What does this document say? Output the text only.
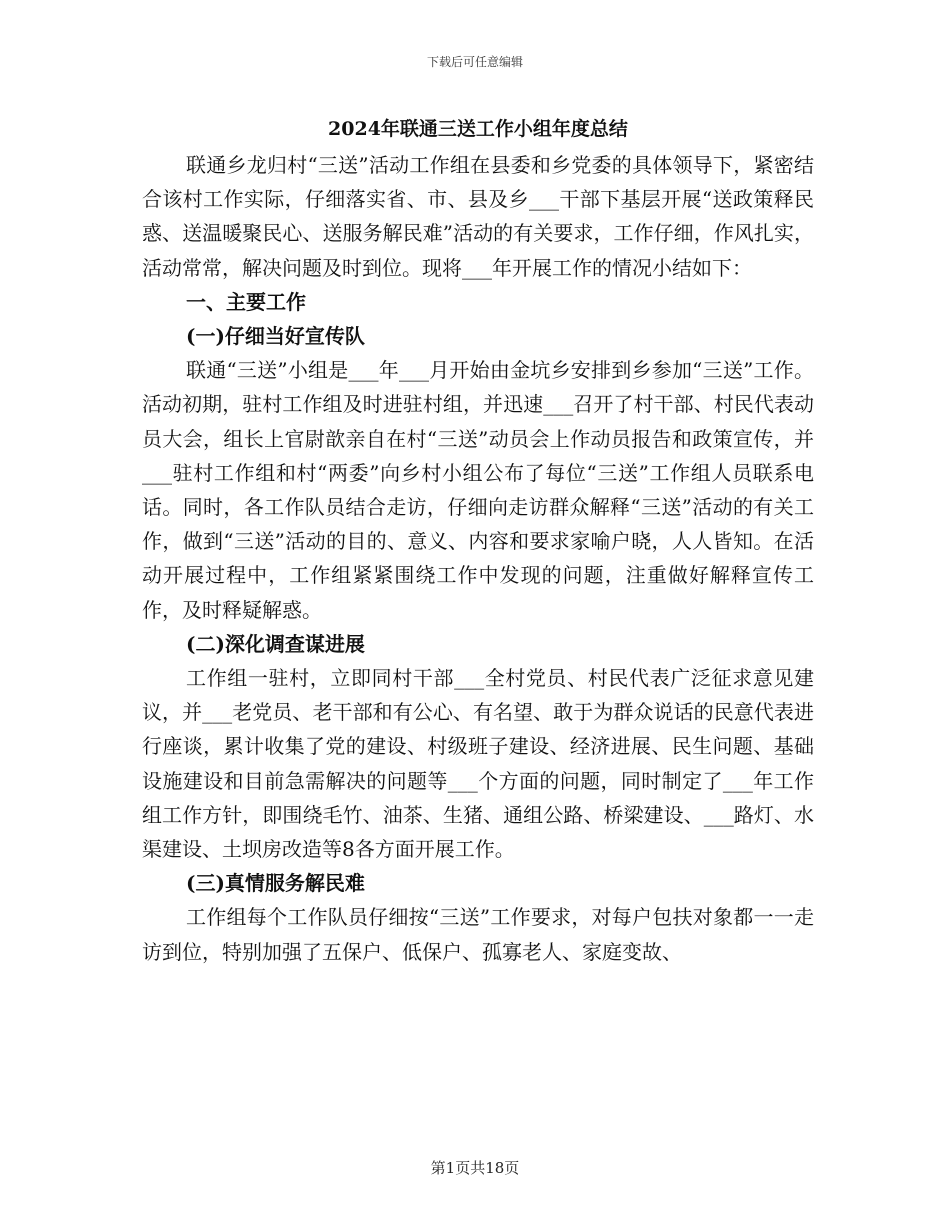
下载后可任意编辑
2024年联通三送工作小组年度总结

联通乡龙归村“三送”活动工作组在县委和乡党委的具体领导下，紧密结合该村工作实际，仔细落实省、市、县及乡___干部下基层开展“送政策释民惑、送温暖聚民心、送服务解民难”活动的有关要求，工作仔细，作风扎实，活动常常，解决问题及时到位。现将___年开展工作的情况小结如下：

一、主要工作
(一)仔细当好宣传队

联通“三送”小组是___年___月开始由金坑乡安排到乡参加“三送”工作。活动初期，驻村工作组及时进驻村组，并迅速___召开了村干部、村民代表动员大会，组长上官尉歆亲自在村“三送”动员会上作动员报告和政策宣传，并___驻村工作组和村“两委”向乡村小组公布了每位“三送”工作组人员联系电话。同时，各工作队员结合走访，仔细向走访群众解释“三送”活动的有关工作，做到“三送”活动的目的、意义、内容和要求家喻户晓，人人皆知。在活动开展过程中，工作组紧紧围绕工作中发现的问题，注重做好解释宣传工作，及时释疑解惑。

(二)深化调查谋进展

工作组一驻村，立即同村干部___全村党员、村民代表广泛征求意见建议，并___老党员、老干部和有公心、有名望、敢于为群众说话的民意代表进行座谈，累计收集了党的建设、村级班子建设、经济进展、民生问题、基础设施建设和目前急需解决的问题等___个方面的问题，同时制定了___年工作组工作方针，即围绕毛竹、油茶、生猪、通组公路、桥梁建设、___路灯、水渠建设、土坝房改造等8各方面开展工作。

(三)真情服务解民难

工作组每个工作队员仔细按“三送”工作要求，对每户包扶对象都一一走访到位，特别加强了五保户、低保户、孤寡老人、家庭变故、

第1页共18页
